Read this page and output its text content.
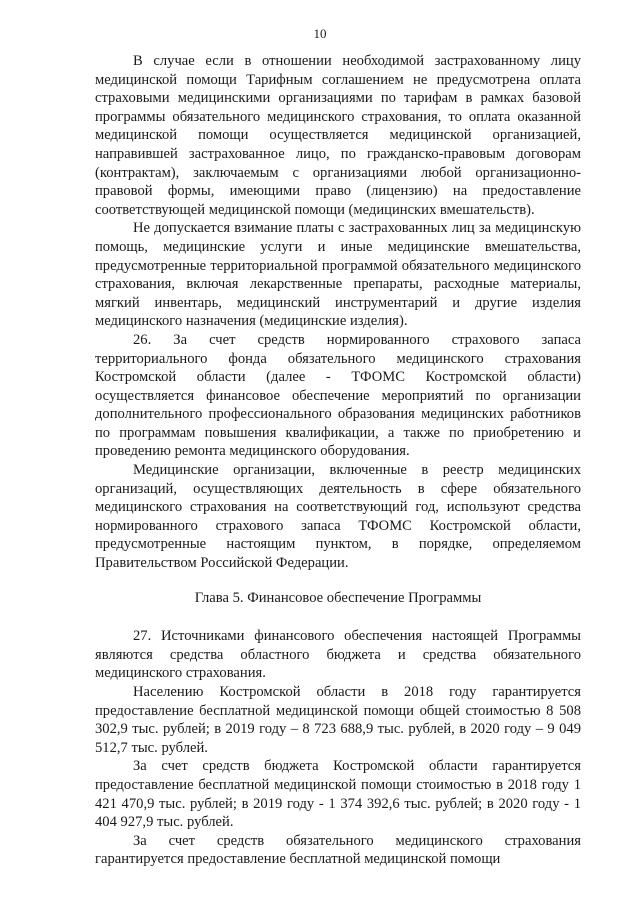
10

В случае если в отношении необходимой застрахованному лицу медицинской помощи Тарифным соглашением не предусмотрена оплата страховыми медицинскими организациями по тарифам в рамках базовой программы обязательного медицинского страхования, то оплата оказанной медицинской помощи осуществляется медицинской организацией, направившей застрахованное лицо, по гражданско-правовым договорам (контрактам), заключаемым с организациями любой организационно-правовой формы, имеющими право (лицензию) на предоставление соответствующей медицинской помощи (медицинских вмешательств).

Не допускается взимание платы с застрахованных лиц за медицинскую помощь, медицинские услуги и иные медицинские вмешательства, предусмотренные территориальной программой обязательного медицинского страхования, включая лекарственные препараты, расходные материалы, мягкий инвентарь, медицинский инструментарий и другие изделия медицинского назначения (медицинские изделия).

26. За счет средств нормированного страхового запаса территориального фонда обязательного медицинского страхования Костромской области (далее - ТФОМС Костромской области) осуществляется финансовое обеспечение мероприятий по организации дополнительного профессионального образования медицинских работников по программам повышения квалификации, а также по приобретению и проведению ремонта медицинского оборудования.

Медицинские организации, включенные в реестр медицинских организаций, осуществляющих деятельность в сфере обязательного медицинского страхования на соответствующий год, используют средства нормированного страхового запаса ТФОМС Костромской области, предусмотренные настоящим пунктом, в порядке, определяемом Правительством Российской Федерации.

Глава 5. Финансовое обеспечение Программы

27. Источниками финансового обеспечения настоящей Программы являются средства областного бюджета и средства обязательного медицинского страхования.

Населению Костромской области в 2018 году гарантируется предоставление бесплатной медицинской помощи общей стоимостью 8 508 302,9 тыс. рублей; в 2019 году – 8 723 688,9 тыс. рублей, в 2020 году – 9 049 512,7 тыс. рублей.

За счет средств бюджета Костромской области гарантируется предоставление бесплатной медицинской помощи стоимостью в 2018 году 1 421 470,9 тыс. рублей; в 2019 году - 1 374 392,6 тыс. рублей; в 2020 году - 1 404 927,9 тыс. рублей.

За счет средств обязательного медицинского страхования гарантируется предоставление бесплатной медицинской помощи
